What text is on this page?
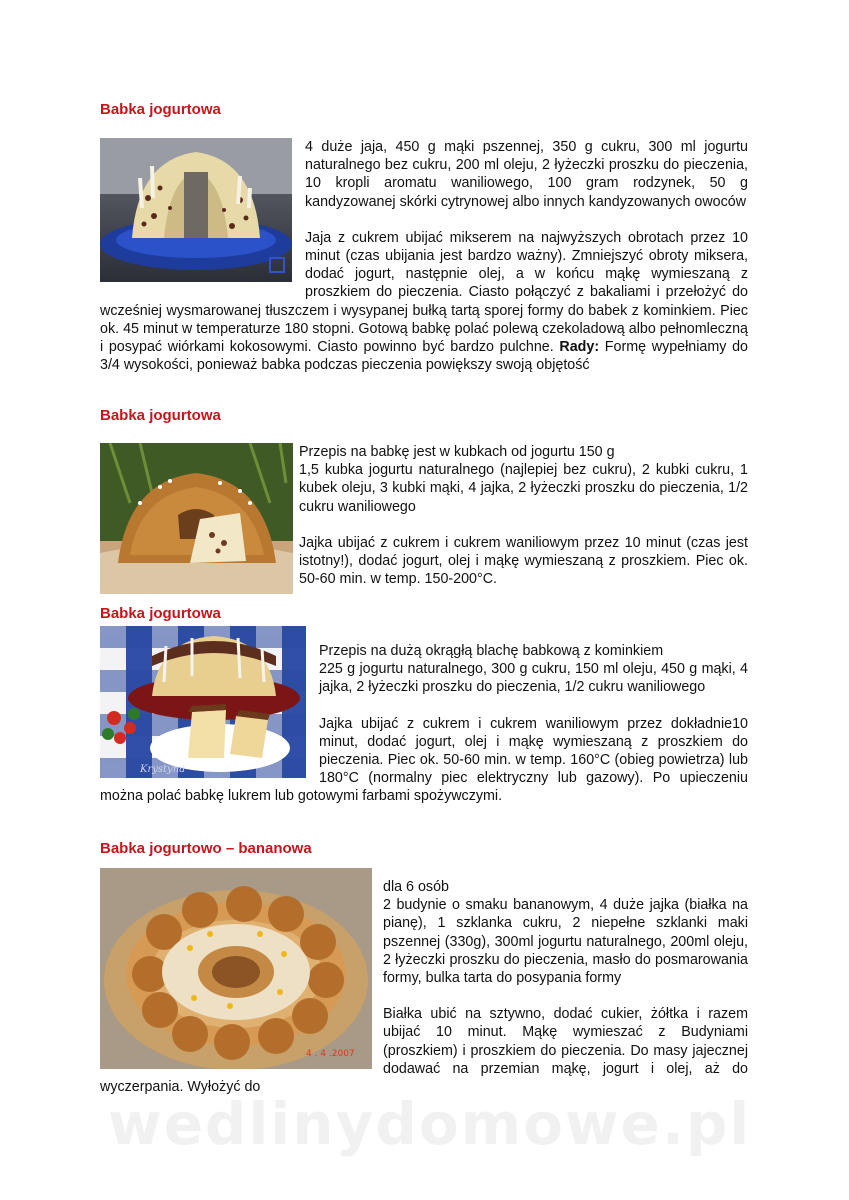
Babka jogurtowa

4 duże jaja, 450 g mąki pszennej, 350 g cukru, 300 ml jogurtu naturalnego bez cukru, 200 ml oleju, 2 łyżeczki proszku do pieczenia, 10 kropli aromatu waniliowego, 100 gram rodzynek, 50 g kandyzowanej skórki cytrynowej albo innych kandyzowanych owoców

Jaja z cukrem ubijać mikserem na najwyższych obrotach przez 10 minut (czas ubijania jest bardzo ważny). Zmniejszyć obroty miksera, dodać jogurt, następnie olej, a w końcu mąkę wymieszaną z proszkiem do pieczenia. Ciasto połączyć z bakaliami i przełożyć do wcześniej wysmarowanej tłuszczem i wysypanej bułką tartą sporej formy do babek z kominkiem. Piec ok. 45 minut w temperaturze 180 stopni. Gotową babkę polać polewą czekoladową albo pełnomleczną i posypać wiórkami kokosowymi. Ciasto powinno być bardzo pulchne. Rady: Formę wypełniamy do 3/4 wysokości, ponieważ babka podczas pieczenia powiększy swoją objętość

Babka jogurtowa

Przepis na babkę jest w kubkach od jogurtu 150 g
1,5 kubka jogurtu naturalnego (najlepiej bez cukru), 2 kubki cukru, 1 kubek oleju, 3 kubki mąki, 4 jajka, 2 łyżeczki proszku do pieczenia, 1/2 cukru waniliowego

Jajka ubijać z cukrem i cukrem waniliowym przez 10 minut (czas jest istotny!), dodać jogurt, olej i mąkę wymieszaną z proszkiem. Piec ok. 50-60 min. w temp. 150-200°C.

Babka jogurtowa
Krystyna

Przepis na dużą okrągłą blachę babkową z kominkiem
225 g jogurtu naturalnego, 300 g cukru, 150 ml oleju, 450 g mąki, 4 jajka, 2 łyżeczki proszku do pieczenia, 1/2 cukru waniliowego

Jajka ubijać z cukrem i cukrem waniliowym przez dokładnie10 minut, dodać jogurt, olej i mąkę wymieszaną z proszkiem do pieczenia. Piec ok. 50-60 min. w temp. 160°C (obieg powietrza) lub 180°C (normalny piec elektryczny lub gazowy). Po upieczeniu można polać babkę lukrem lub gotowymi farbami spożywczymi.

Babka jogurtowo – bananowa
4 . 4 .2007

dla 6 osób
2 budynie o smaku bananowym, 4 duże jajka (białka na pianę), 1 szklanka cukru, 2 niepełne szklanki maki pszennej (330g), 300ml jogurtu naturalnego, 200ml oleju, 2 łyżeczki proszku do pieczenia, masło do posmarowania formy, bulka tarta do posypania formy

Białka ubić na sztywno, dodać cukier, żółtka i razem ubijać 10 minut. Mąkę wymieszać z Budyniami (proszkiem) i proszkiem do pieczenia. Do masy jajecznej dodawać na przemian mąkę, jogurt i olej, aż do wyczerpania. Wyłożyć do

wedlinydomowe.pl
